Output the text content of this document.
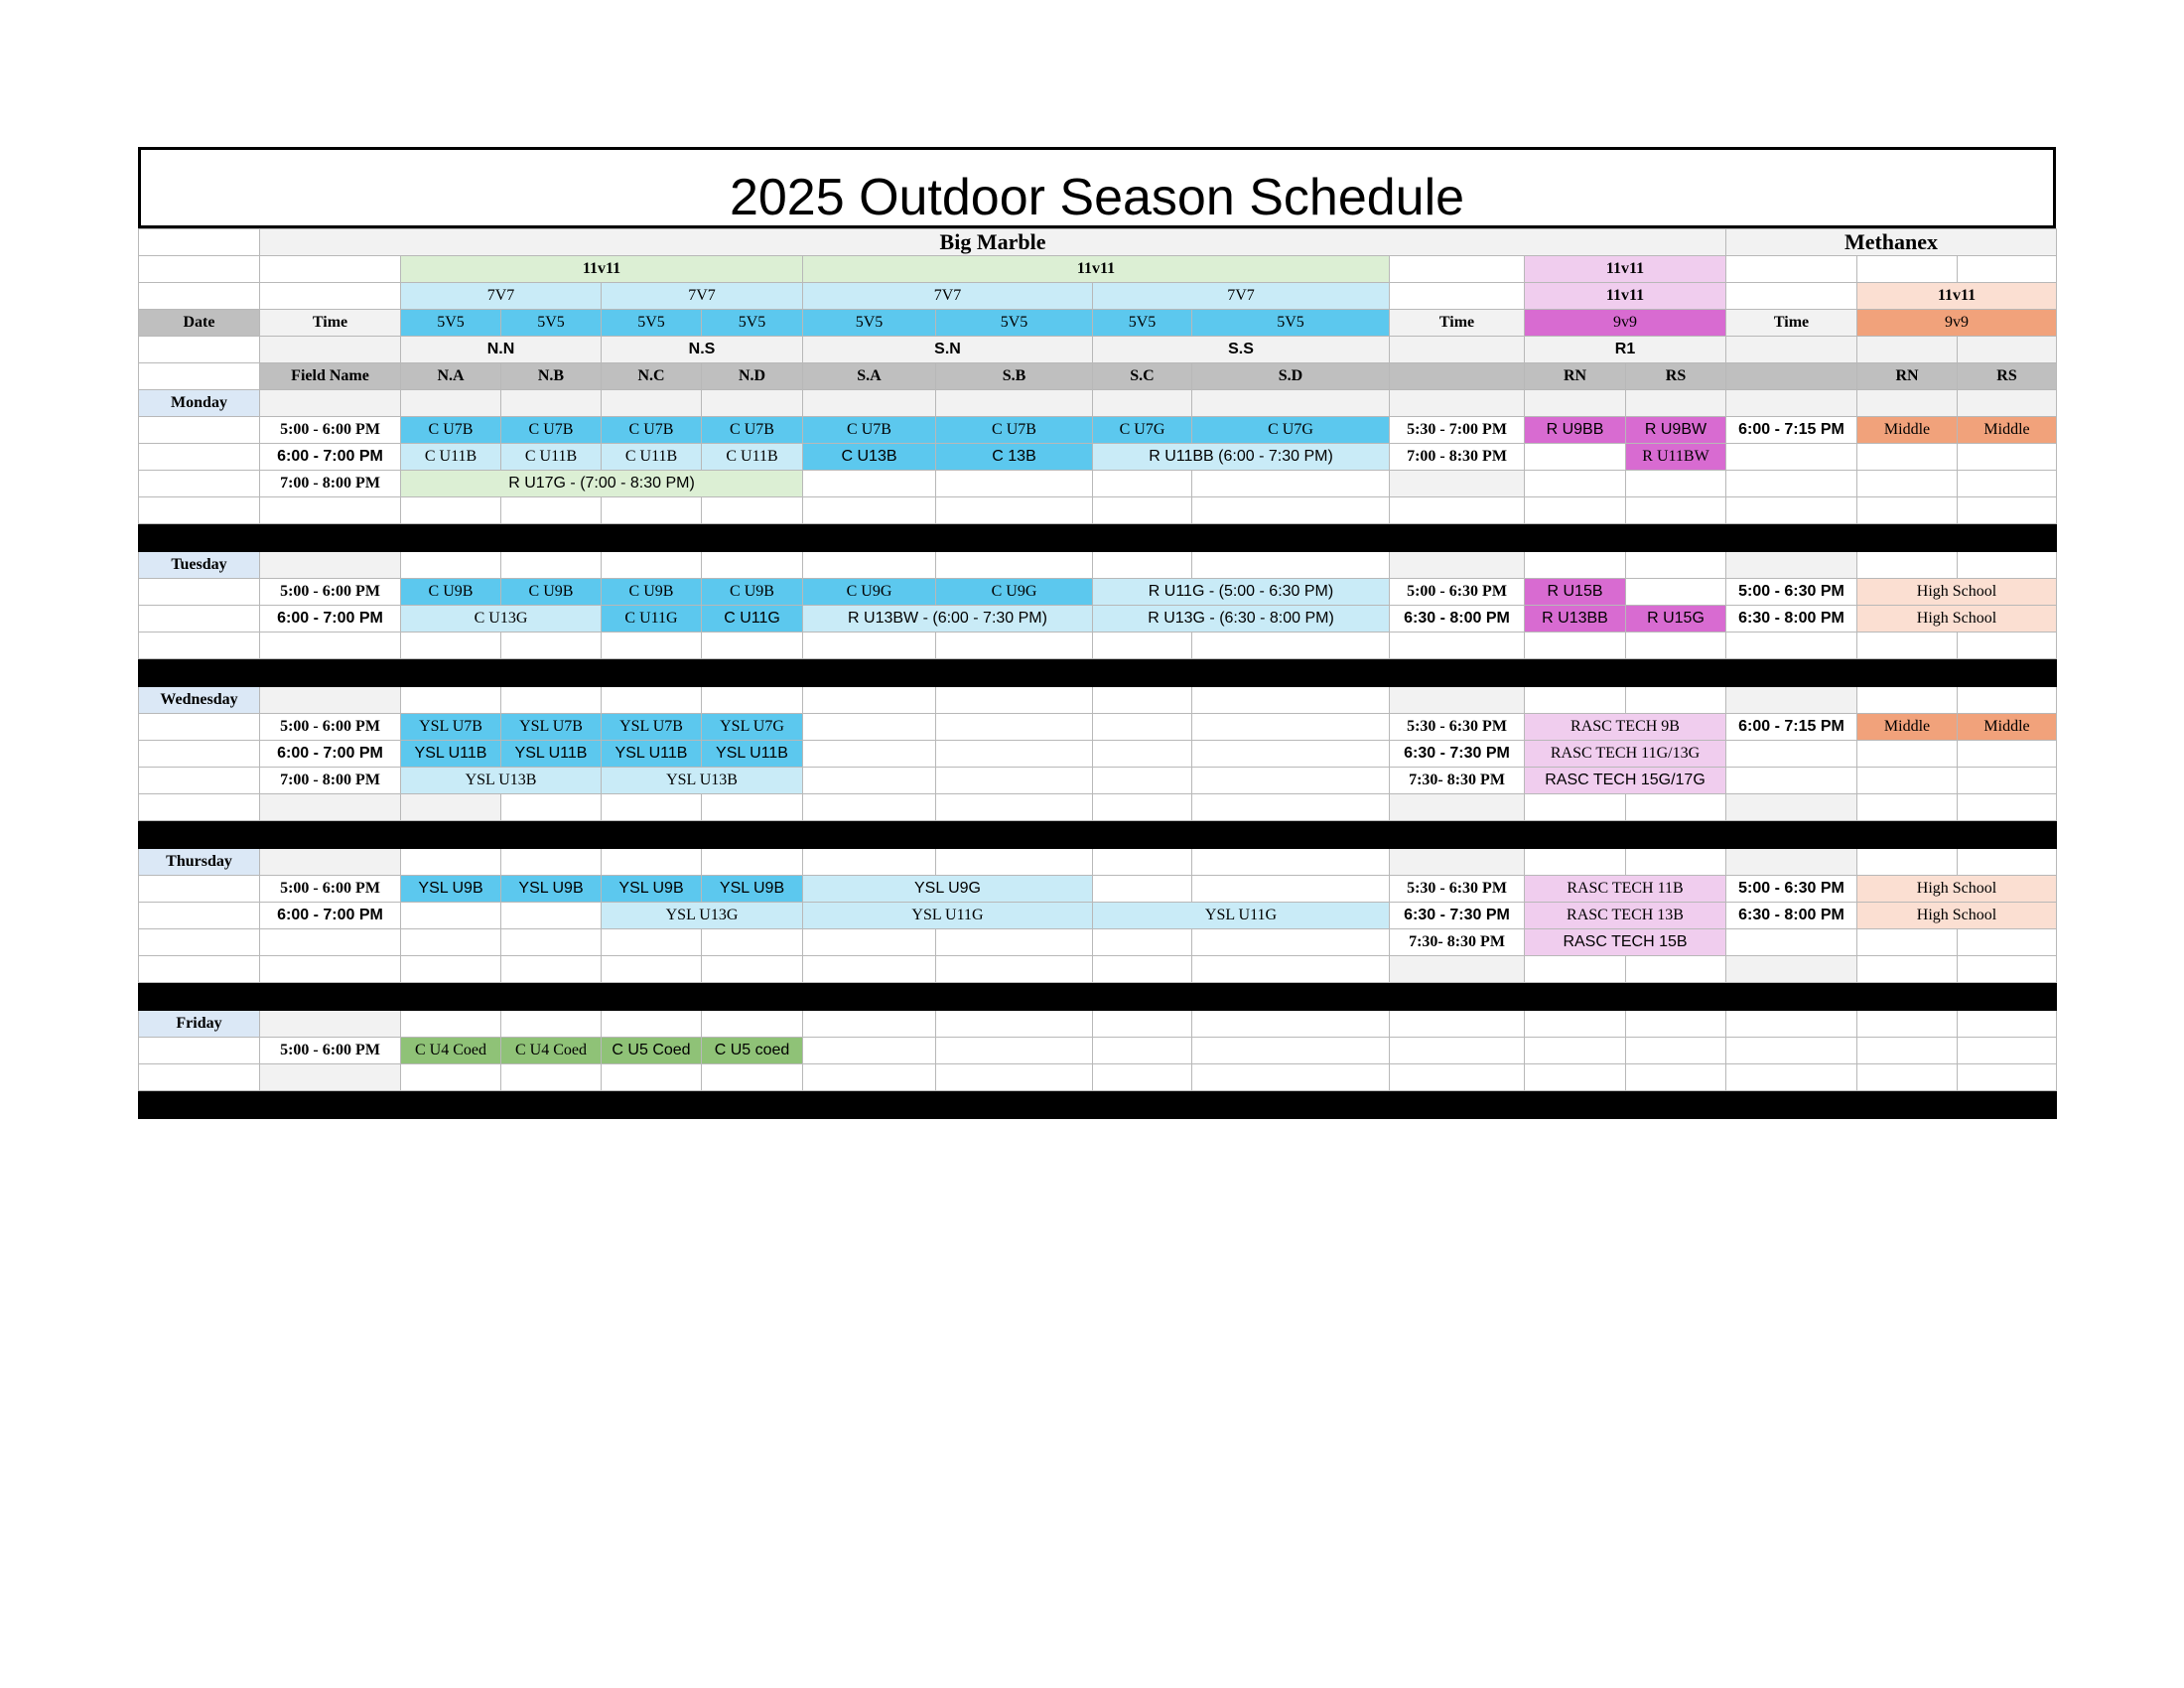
2025 Outdoor Season Schedule
	Big Marble												Methanex		
		11v11				11v11					11v11				
		7V7		7V7		7V7		7V7			11v11			11v11	
Date	Time	5V5	5V5	5V5	5V5	5V5	5V5	5V5	5V5	Time	9v9		Time	9v9	
		N.N		N.S		S.N		S.S			R1				
	Field Name	N.A	N.B	N.C	N.D	S.A	S.B	S.C	S.D		RN	RS		RN	RS
Monday															
	5:00 - 6:00 PM	C U7B	C U7B	C U7B	C U7B	C U7B	C U7B	C U7G	C U7G	5:30 - 7:00 PM	R U9BB	R U9BW	6:00 - 7:15 PM	Middle	Middle
	6:00 - 7:00 PM	C U11B	C U11B	C U11B	C U11B	C U13B	C 13B	R U11BB (6:00 - 7:30 PM)		7:00 - 8:30 PM		R U11BW			
	7:00 - 8:00 PM	R U17G - (7:00 - 8:30 PM)													

Tuesday															
	5:00 - 6:00 PM	C U9B	C U9B	C U9B	C U9B	C U9G	C U9G	R U11G - (5:00 - 6:30 PM)		5:00 - 6:30 PM	R U15B		5:00 - 6:30 PM	High School	
	6:00 - 7:00 PM	C U13G		C U11G	C U11G	R U13BW - (6:00 - 7:30 PM)		R U13G - (6:30 - 8:00 PM)		6:30 - 8:00 PM	R U13BB	R U15G	6:30 - 8:00 PM	High School	

Wednesday															
	5:00 - 6:00 PM	YSL U7B	YSL U7B	YSL U7B	YSL U7G					5:30 - 6:30 PM	RASC TECH 9B		6:00 - 7:15 PM	Middle	Middle
	6:00 - 7:00 PM	YSL U11B	YSL U11B	YSL U11B	YSL U11B					6:30 - 7:30 PM	RASC TECH 11G/13G				
	7:00 - 8:00 PM	YSL U13B		YSL U13B						7:30- 8:30 PM	RASC TECH 15G/17G				

Thursday															
	5:00 - 6:00 PM	YSL U9B	YSL U9B	YSL U9B	YSL U9B	YSL U9G				5:30 - 6:30 PM	RASC TECH 11B		5:00 - 6:30 PM	High School	
	6:00 - 7:00 PM			YSL U13G		YSL U11G		YSL U11G		6:30 - 7:30 PM	RASC TECH 13B		6:30 - 8:00 PM	High School	
										7:30- 8:30 PM	RASC TECH 15B				

Friday															
	5:00 - 6:00 PM	C U4 Coed	C U4 Coed	C U5 Coed	C U5 coed										
